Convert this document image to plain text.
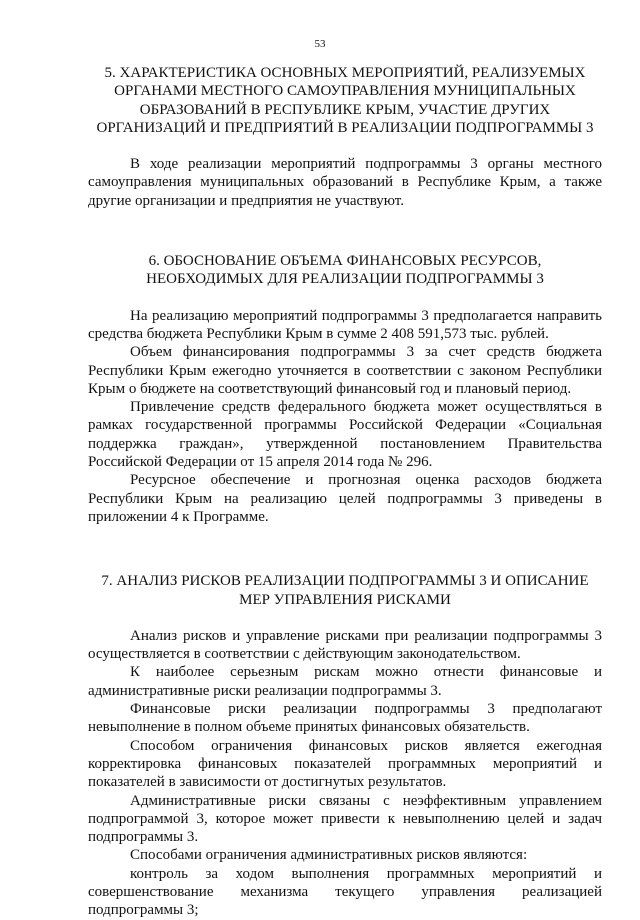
53
5. ХАРАКТЕРИСТИКА ОСНОВНЫХ МЕРОПРИЯТИЙ, РЕАЛИЗУЕМЫХ ОРГАНАМИ МЕСТНОГО САМОУПРАВЛЕНИЯ МУНИЦИПАЛЬНЫХ ОБРАЗОВАНИЙ В РЕСПУБЛИКЕ КРЫМ, УЧАСТИЕ ДРУГИХ ОРГАНИЗАЦИЙ И ПРЕДПРИЯТИЙ В РЕАЛИЗАЦИИ ПОДПРОГРАММЫ 3

В ходе реализации мероприятий подпрограммы 3 органы местного самоуправления муниципальных образований в Республике Крым, а также другие организации и предприятия не участвуют.

6. ОБОСНОВАНИЕ ОБЪЕМА ФИНАНСОВЫХ РЕСУРСОВ, НЕОБХОДИМЫХ ДЛЯ РЕАЛИЗАЦИИ ПОДПРОГРАММЫ 3

На реализацию мероприятий подпрограммы 3 предполагается направить средства бюджета Республики Крым в сумме 2 408 591,573 тыс. рублей.

Объем финансирования подпрограммы 3 за счет средств бюджета Республики Крым ежегодно уточняется в соответствии с законом Республики Крым о бюджете на соответствующий финансовый год и плановый период.

Привлечение средств федерального бюджета может осуществляться в рамках государственной программы Российской Федерации «Социальная поддержка граждан», утвержденной постановлением Правительства Российской Федерации от 15 апреля 2014 года № 296.

Ресурсное обеспечение и прогнозная оценка расходов бюджета Республики Крым на реализацию целей подпрограммы 3 приведены в приложении 4 к Программе.

7. АНАЛИЗ РИСКОВ РЕАЛИЗАЦИИ ПОДПРОГРАММЫ 3 И ОПИСАНИЕ МЕР УПРАВЛЕНИЯ РИСКАМИ

Анализ рисков и управление рисками при реализации подпрограммы 3 осуществляется в соответствии с действующим законодательством.

К наиболее серьезным рискам можно отнести финансовые и административные риски реализации подпрограммы 3.

Финансовые риски реализации подпрограммы 3 предполагают невыполнение в полном объеме принятых финансовых обязательств.

Способом ограничения финансовых рисков является ежегодная корректировка финансовых показателей программных мероприятий и показателей в зависимости от достигнутых результатов.

Административные риски связаны с неэффективным управлением подпрограммой 3, которое может привести к невыполнению целей и задач подпрограммы 3.

Способами ограничения административных рисков являются:

контроль за ходом выполнения программных мероприятий и совершенствование механизма текущего управления реализацией подпрограммы 3;
